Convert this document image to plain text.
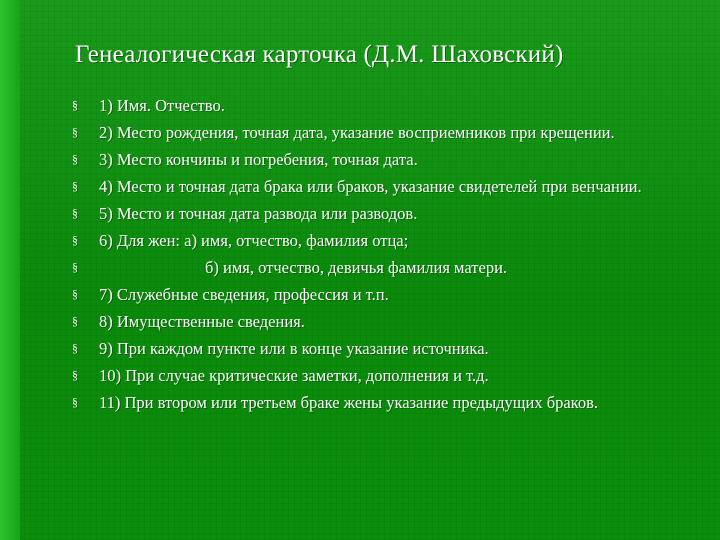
Генеалогическая карточка (Д.М. Шаховский)
§	1) Имя. Отчество.
§	2) Место рождения, точная дата, указание восприемников при крещении.
§	3) Место кончины и погребения, точная дата.
§	4) Место и точная дата брака или браков, указание свидетелей при венчании.
§	5) Место и точная дата развода или разводов.
§	6) Для жен: а) имя, отчество, фамилия отца;
§	б) имя, отчество, девичья фамилия матери.
§	7) Служебные сведения, профессия и т.п.
§	8) Имущественные сведения.
§	9) При каждом пункте или в конце указание источника.
§	10) При случае критические заметки, дополнения и т.д.
§	11) При втором или третьем браке жены указание предыдущих браков.
